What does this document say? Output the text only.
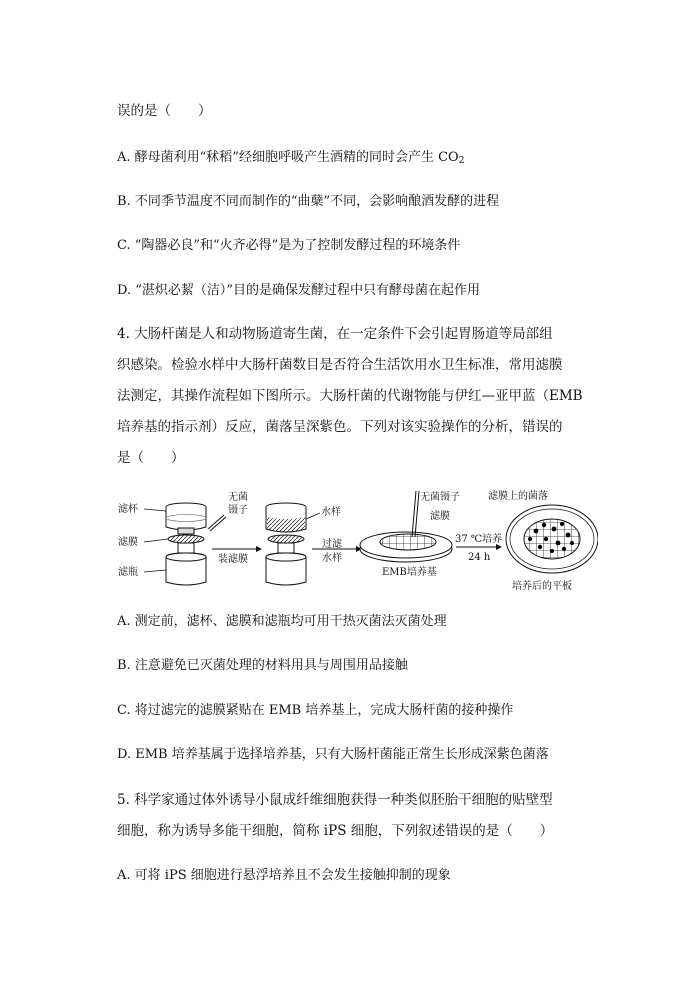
误的是（　　）
A. 酵母菌利用“秫稻”经细胞呼吸产生酒精的同时会产生 $CO_2$
B. 不同季节温度不同而制作的“曲蘖”不同，会影响酿酒发酵的进程
C. “陶器必良”和“火齐必得”是为了控制发酵过程的环境条件
D. “湛炽必絜（洁）”目的是确保发酵过程中只有酵母菌在起作用
4. 大肠杆菌是人和动物肠道寄生菌，在一定条件下会引起胃肠道等局部组
织感染。检验水样中大肠杆菌数目是否符合生活饮用水卫生标准，常用滤膜
法测定，其操作流程如下图所示。大肠杆菌的代谢物能与伊红—亚甲蓝（EMB
培养基的指示剂）反应，菌落呈深紫色。下列对该实验操作的分析，错误的
是（　　）
滤杯
滤膜
滤瓶
无菌
镊子
装滤膜
水样
过滤
水样
无菌镊子
滤膜
EMB培养基
37 ℃培养
24 h
滤膜上的菌落
培养后的平板
A. 测定前，滤杯、滤膜和滤瓶均可用干热灭菌法灭菌处理
B. 注意避免已灭菌处理的材料用具与周围用品接触
C. 将过滤完的滤膜紧贴在 EMB 培养基上，完成大肠杆菌的接种操作
D. EMB 培养基属于选择培养基，只有大肠杆菌能正常生长形成深紫色菌落
5. 科学家通过体外诱导小鼠成纤维细胞获得一种类似胚胎干细胞的贴壁型
细胞，称为诱导多能干细胞，简称 iPS 细胞，下列叙述错误的是（　　）
A. 可将 iPS 细胞进行悬浮培养且不会发生接触抑制的现象
